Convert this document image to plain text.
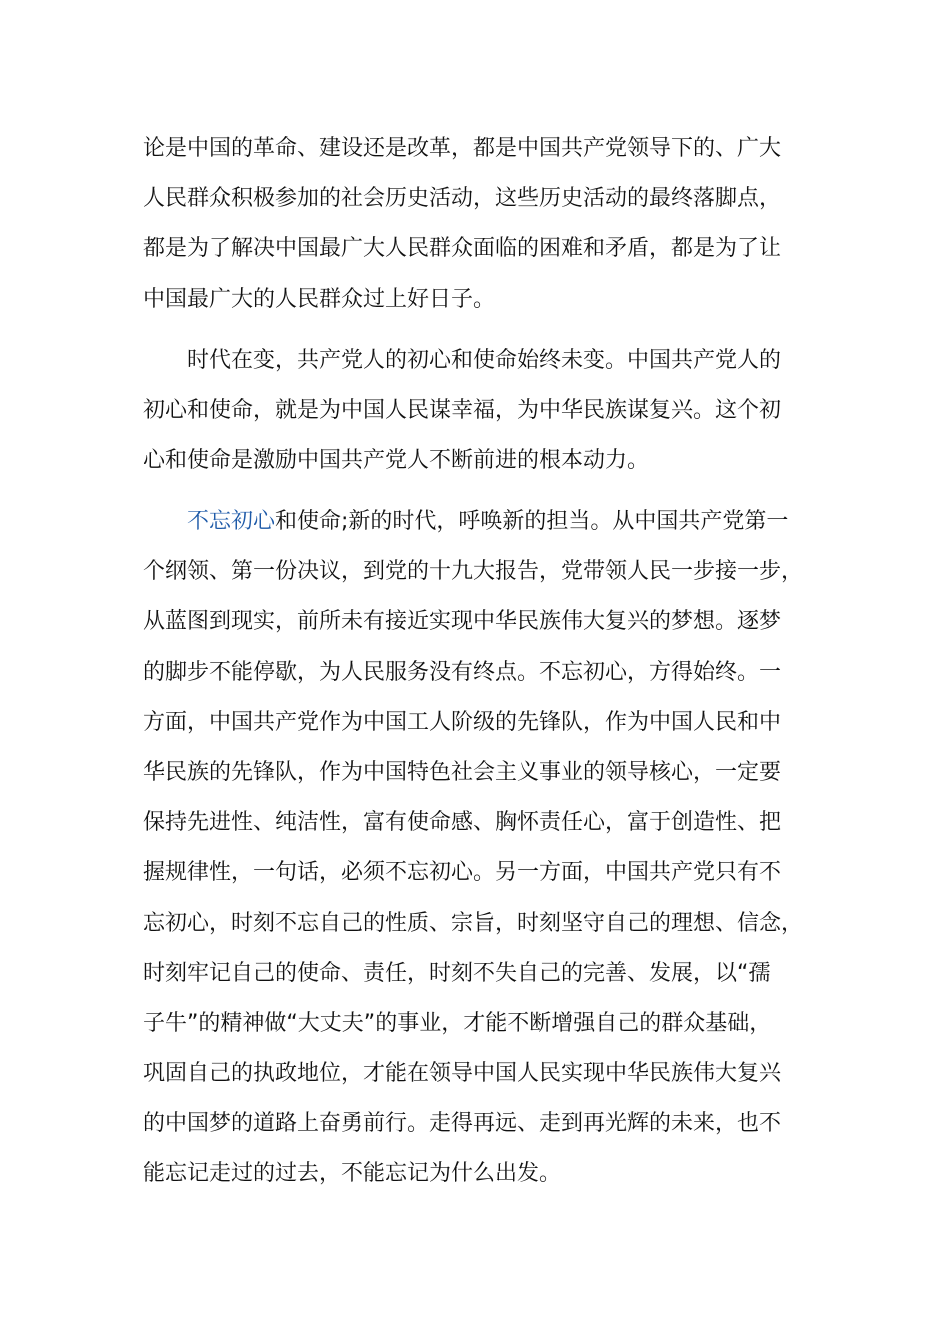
论是中国的革命、建设还是改革，都是中国共产党领导下的、广大
人民群众积极参加的社会历史活动，这些历史活动的最终落脚点，
都是为了解决中国最广大人民群众面临的困难和矛盾，都是为了让
中国最广大的人民群众过上好日子。
时代在变，共产党人的初心和使命始终未变。中国共产党人的
初心和使命，就是为中国人民谋幸福，为中华民族谋复兴。这个初
心和使命是激励中国共产党人不断前进的根本动力。
不忘初心和使命;新的时代，呼唤新的担当。从中国共产党第一
个纲领、第一份决议，到党的十九大报告，党带领人民一步接一步，
从蓝图到现实，前所未有接近实现中华民族伟大复兴的梦想。逐梦
的脚步不能停歇，为人民服务没有终点。不忘初心，方得始终。一
方面，中国共产党作为中国工人阶级的先锋队，作为中国人民和中
华民族的先锋队，作为中国特色社会主义事业的领导核心，一定要
保持先进性、纯洁性，富有使命感、胸怀责任心，富于创造性、把
握规律性，一句话，必须不忘初心。另一方面，中国共产党只有不
忘初心，时刻不忘自己的性质、宗旨，时刻坚守自己的理想、信念，
时刻牢记自己的使命、责任，时刻不失自己的完善、发展，以“孺
子牛”的精神做“大丈夫”的事业，才能不断增强自己的群众基础，
巩固自己的执政地位，才能在领导中国人民实现中华民族伟大复兴
的中国梦的道路上奋勇前行。走得再远、走到再光辉的未来，也不
能忘记走过的过去，不能忘记为什么出发。
